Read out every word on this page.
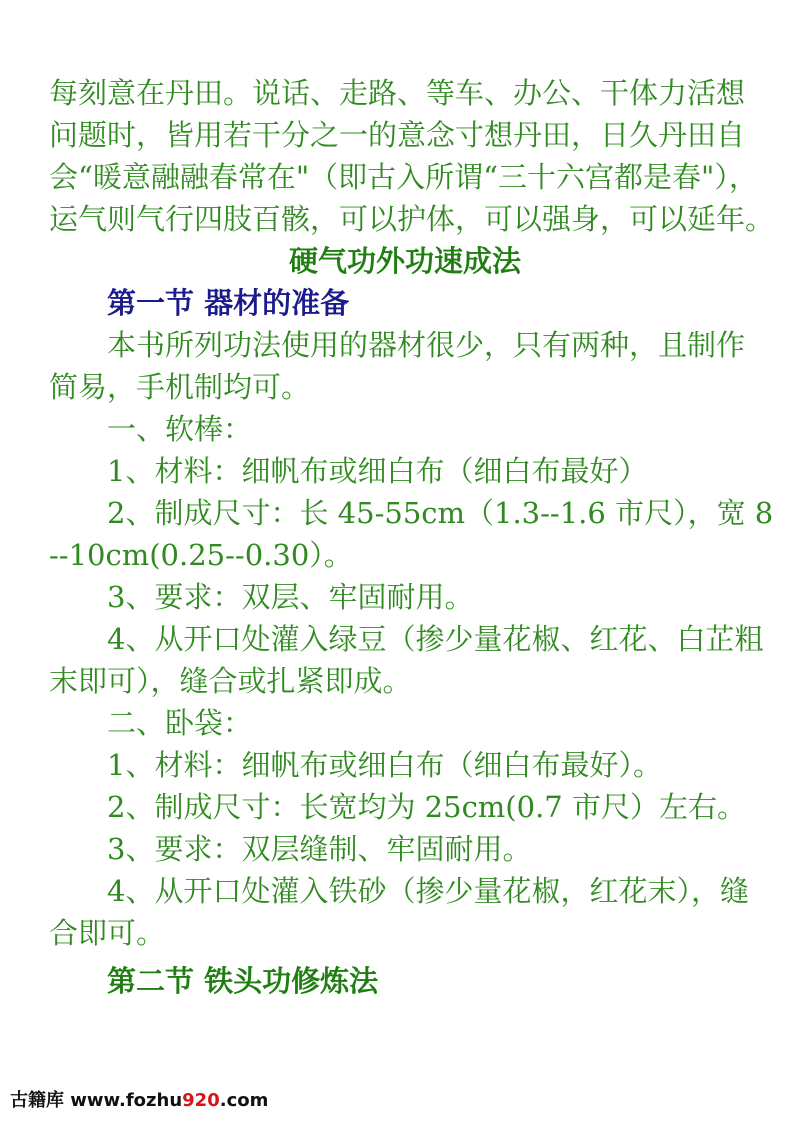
每刻意在丹田。说话、走路、等车、办公、干体力活想
问题时，皆用若干分之一的意念寸想丹田，日久丹田自
会“暖意融融春常在"（即古入所谓“三十六宫都是春"），
运气则气行四肢百骸，可以护体，可以强身，可以延年。
硬气功外功速成法
第一节 器材的准备
本书所列功法使用的器材很少，只有两种，且制作
简易，手机制均可。
一、软棒：
1、材料：细帆布或细白布（细白布最好）
2、制成尺寸：长 45-55cm（1.3--1.6 市尺），宽 8
--10cm(0.25--0.30）。
3、要求：双层、牢固耐用。
4、从开口处灌入绿豆（掺少量花椒、红花、白芷粗
末即可），缝合或扎紧即成。
二、卧袋：
1、材料：细帆布或细白布（细白布最好）。
2、制成尺寸：长宽均为 25cm(0.7 市尺）左右。
3、要求：双层缝制、牢固耐用。
4、从开口处灌入铁砂（掺少量花椒，红花末），缝
合即可。
第二节 铁头功修炼法
古籍库 www.fozhu920.com
